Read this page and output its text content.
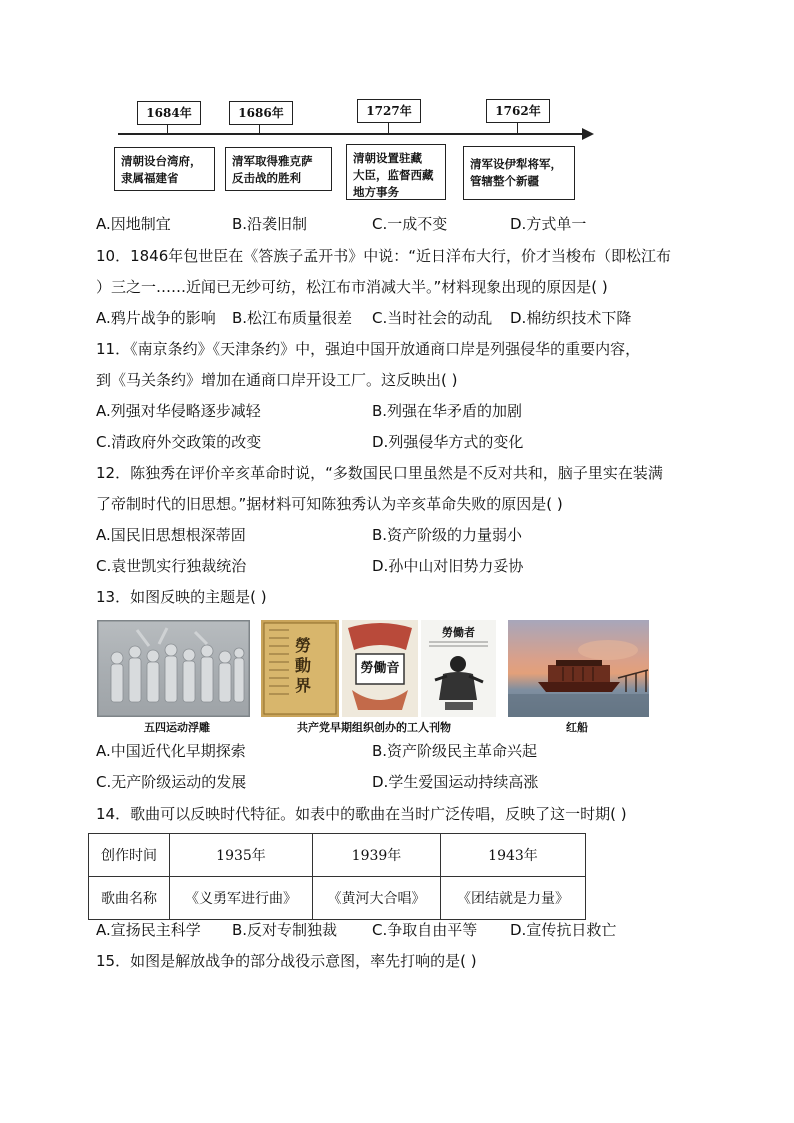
1684年	1686年	1727年	1762年
清朝设台湾府，
隶属福建省
清军取得雅克萨
反击战的胜利
清朝设置驻藏
大臣，监督西藏
地方事务
清军设伊犁将军，
管辖整个新疆
A.因地制宜	B.沿袭旧制	C.一成不变	D.方式单一
10．1846年包世臣在《答族子孟开书》中说：“近日洋布大行，价才当梭布（即松江布
）三之一……近闻已无纱可纺，松江布市消减大半。”材料现象出现的原因是( )
A.鸦片战争的影响 B.松江布质量很差 C.当时社会的动乱 D.棉纺织技术下降
11．《南京条约》《天津条约》中，强迫中国开放通商口岸是列强侵华的重要内容，
到《马关条约》增加在通商口岸开设工厂。这反映出( )
A.列强对华侵略逐步减轻	B.列强在华矛盾的加剧
C.清政府外交政策的改变	D.列强侵华方式的变化
12．陈独秀在评价辛亥革命时说，“多数国民口里虽然是不反对共和，脑子里实在装满
了帝制时代的旧思想。”据材料可知陈独秀认为辛亥革命失败的原因是( )
A.国民旧思想根深蒂固	B.资产阶级的力量弱小
C.袁世凯实行独裁统治	D.孙中山对旧势力妥协
13．如图反映的主题是( )
勞動界
勞働音
勞働者
五四运动浮雕	共产党早期组织创办的工人刊物	红船
A.中国近代化早期探索	B.资产阶级民主革命兴起
C.无产阶级运动的发展	D.学生爱国运动持续高涨
14．歌曲可以反映时代特征。如表中的歌曲在当时广泛传唱，反映了这一时期( )
创作时间	1935年	1939年	1943年
歌曲名称	《义勇军进行曲》	《黄河大合唱》	《团结就是力量》
A.宣扬民主科学 B.反对专制独裁 C.争取自由平等 D.宣传抗日救亡
15．如图是解放战争的部分战役示意图，率先打响的是( )
